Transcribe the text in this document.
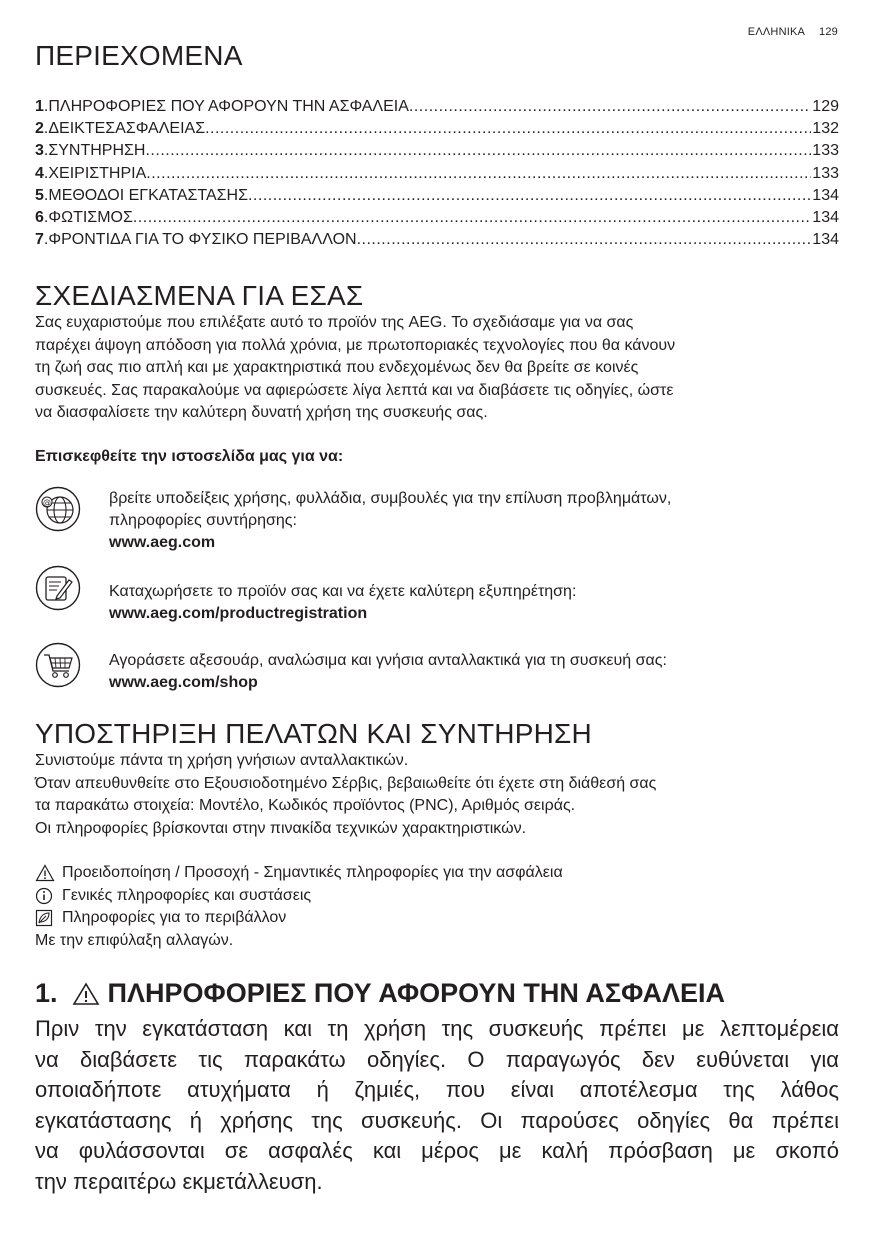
ΕΛΛΗΝΙΚΑ 129
ΠΕΡΙΕΧΟΜΕΝΑ
1 . ΠΛΗΡΟΦΟΡΙΕΣ ΠΟΥ ΑΦΟΡΟΥΝ ΤΗΝ ΑΣΦΑΛΕΙΑ .....	129
2 . ΔΕΙΚΤΕΣΑΣΦΑΛΕΙΑΣ .....	132
3 . ΣΥΝΤΗΡΗΣΗ .....	133
4 . ΧΕΙΡΙΣΤΗΡΙΑ .....	133
5 . ΜΕΘΟΔΟΙ ΕΓΚΑΤΑΣΤΑΣΗΣ .....	134
6 . ΦΩΤΙΣΜΟΣ .....	134
7 . ΦΡΟΝΤΙΔΑ ΓΙΑ ΤΟ ΦΥΣΙΚΟ ΠΕΡΙΒΑΛΛΟΝ .....	134
ΣΧΕΔΙΑΣΜΕΝΑ ΓΙΑ ΕΣΑΣ

Σας ευχαριστούμε που επιλέξατε αυτό το προϊόν της AEG. Το σχεδιάσαμε για να σας
παρέχει άψογη απόδοση για πολλά χρόνια, με πρωτοποριακές τεχνολογίες που θα κάνουν
τη ζωή σας πιο απλή και με χαρακτηριστικά που ενδεχομένως δεν θα βρείτε σε κοινές
συσκευές. Σας παρακαλούμε να αφιερώσετε λίγα λεπτά και να διαβάσετε τις οδηγίες, ώστε
να διασφαλίσετε την καλύτερη δυνατή χρήση της συσκευής σας.

Επισκεφθείτε την ιστοσελίδα μας για να:
@	βρείτε υποδείξεις χρήσης, φυλλάδια, συμβουλές για την επίλυση προβλημάτων,
πληροφορίες συντήρησης:
www.aeg.com
Καταχωρήσετε το προϊόν σας και να έχετε καλύτερη εξυπηρέτηση:
www.aeg.com/productregistration
Αγοράσετε αξεσουάρ, αναλώσιμα και γνήσια ανταλλακτικά για τη συσκευή σας:
www.aeg.com/shop
ΥΠΟΣΤΗΡΙΞΗ ΠΕΛΑΤΩΝ ΚΑΙ ΣΥΝΤΗΡΗΣΗ

Συνιστούμε πάντα τη χρήση γνήσιων ανταλλακτικών.
Όταν απευθυνθείτε στο Εξουσιοδοτημένο Σέρβις, βεβαιωθείτε ότι έχετε στη διάθεσή σας
τα παρακάτω στοιχεία: Μοντέλο, Κωδικός προϊόντος (PNC), Αριθμός σειράς.
Οι πληροφορίες βρίσκονται στην πινακίδα τεχνικών χαρακτηριστικών.

Προειδοποίηση / Προσοχή - Σημαντικές πληροφορίες για την ασφάλεια
Γενικές πληροφορίες και συστάσεις
Πληροφορίες για το περιβάλλον
Με την επιφύλαξη αλλαγών.
1. ΠΛΗΡΟΦΟΡΙΕΣ ΠΟΥ ΑΦΟΡΟΥΝ ΤΗΝ ΑΣΦΑΛΕΙΑ
Πριν την εγκατάσταση και τη χρήση της συσκευής πρέπει με λεπτομέρεια
να διαβάσετε τις παρακάτω οδηγίες. Ο παραγωγός δεν ευθύνεται για
οποιαδήποτε ατυχήματα ή ζημιές, που είναι αποτέλεσμα της λάθος
εγκατάστασης ή χρήσης της συσκευής. Οι παρούσες οδηγίες θα πρέπει
να φυλάσσονται σε ασφαλές και μέρος με καλή πρόσβαση με σκοπό
την περαιτέρω εκμετάλλευση.
